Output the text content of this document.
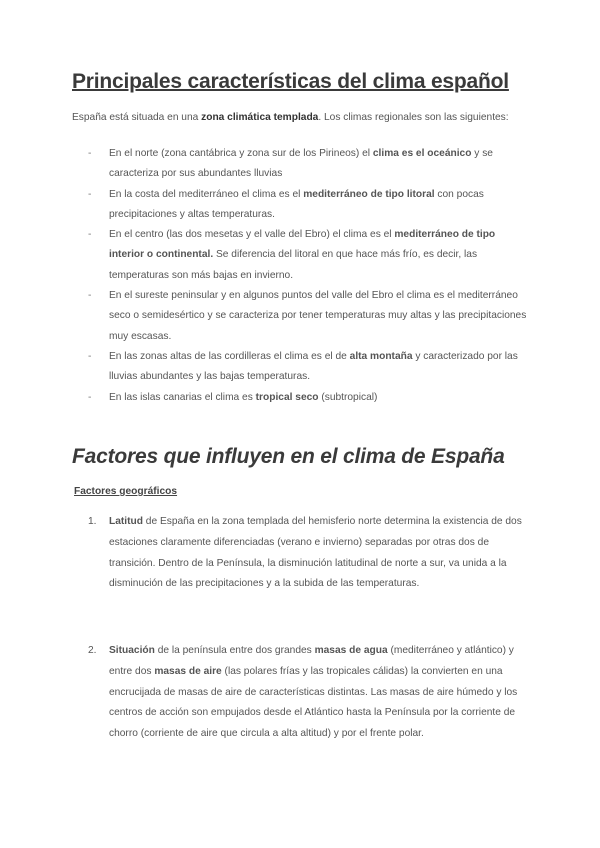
Principales características del clima español

España está situada en una zona climática templada. Los climas regionales son las siguientes:

- En el norte (zona cantábrica y zona sur de los Pirineos) el clima es el oceánico y se caracteriza por sus abundantes lluvias
- En la costa del mediterráneo el clima es el mediterráneo de tipo litoral con pocas precipitaciones y altas temperaturas.
- En el centro (las dos mesetas y el valle del Ebro) el clima es el mediterráneo de tipo interior o continental. Se diferencia del litoral en que hace más frío, es decir, las temperaturas son más bajas en invierno.
- En el sureste peninsular y en algunos puntos del valle del Ebro el clima es el mediterráneo seco o semidesértico y se caracteriza por tener temperaturas muy altas y las precipitaciones muy escasas.
- En las zonas altas de las cordilleras el clima es el de alta montaña y caracterizado por las lluvias abundantes y las bajas temperaturas.
- En las islas canarias el clima es tropical seco (subtropical)
Factores que influyen en el clima de España
Factores geográficos
1. Latitud de España en la zona templada del hemisferio norte determina la existencia de dos estaciones claramente diferenciadas (verano e invierno) separadas por otras dos de transición. Dentro de la Península, la disminución latitudinal de norte a sur, va unida a la disminución de las precipitaciones y a la subida de las temperaturas.
2. Situación de la península entre dos grandes masas de agua (mediterráneo y atlántico) y entre dos masas de aire (las polares frías y las tropicales cálidas) la convierten en una encrucijada de masas de aire de características distintas. Las masas de aire húmedo y los centros de acción son empujados desde el Atlántico hasta la Península por la corriente de chorro (corriente de aire que circula a alta altitud) y por el frente polar.
